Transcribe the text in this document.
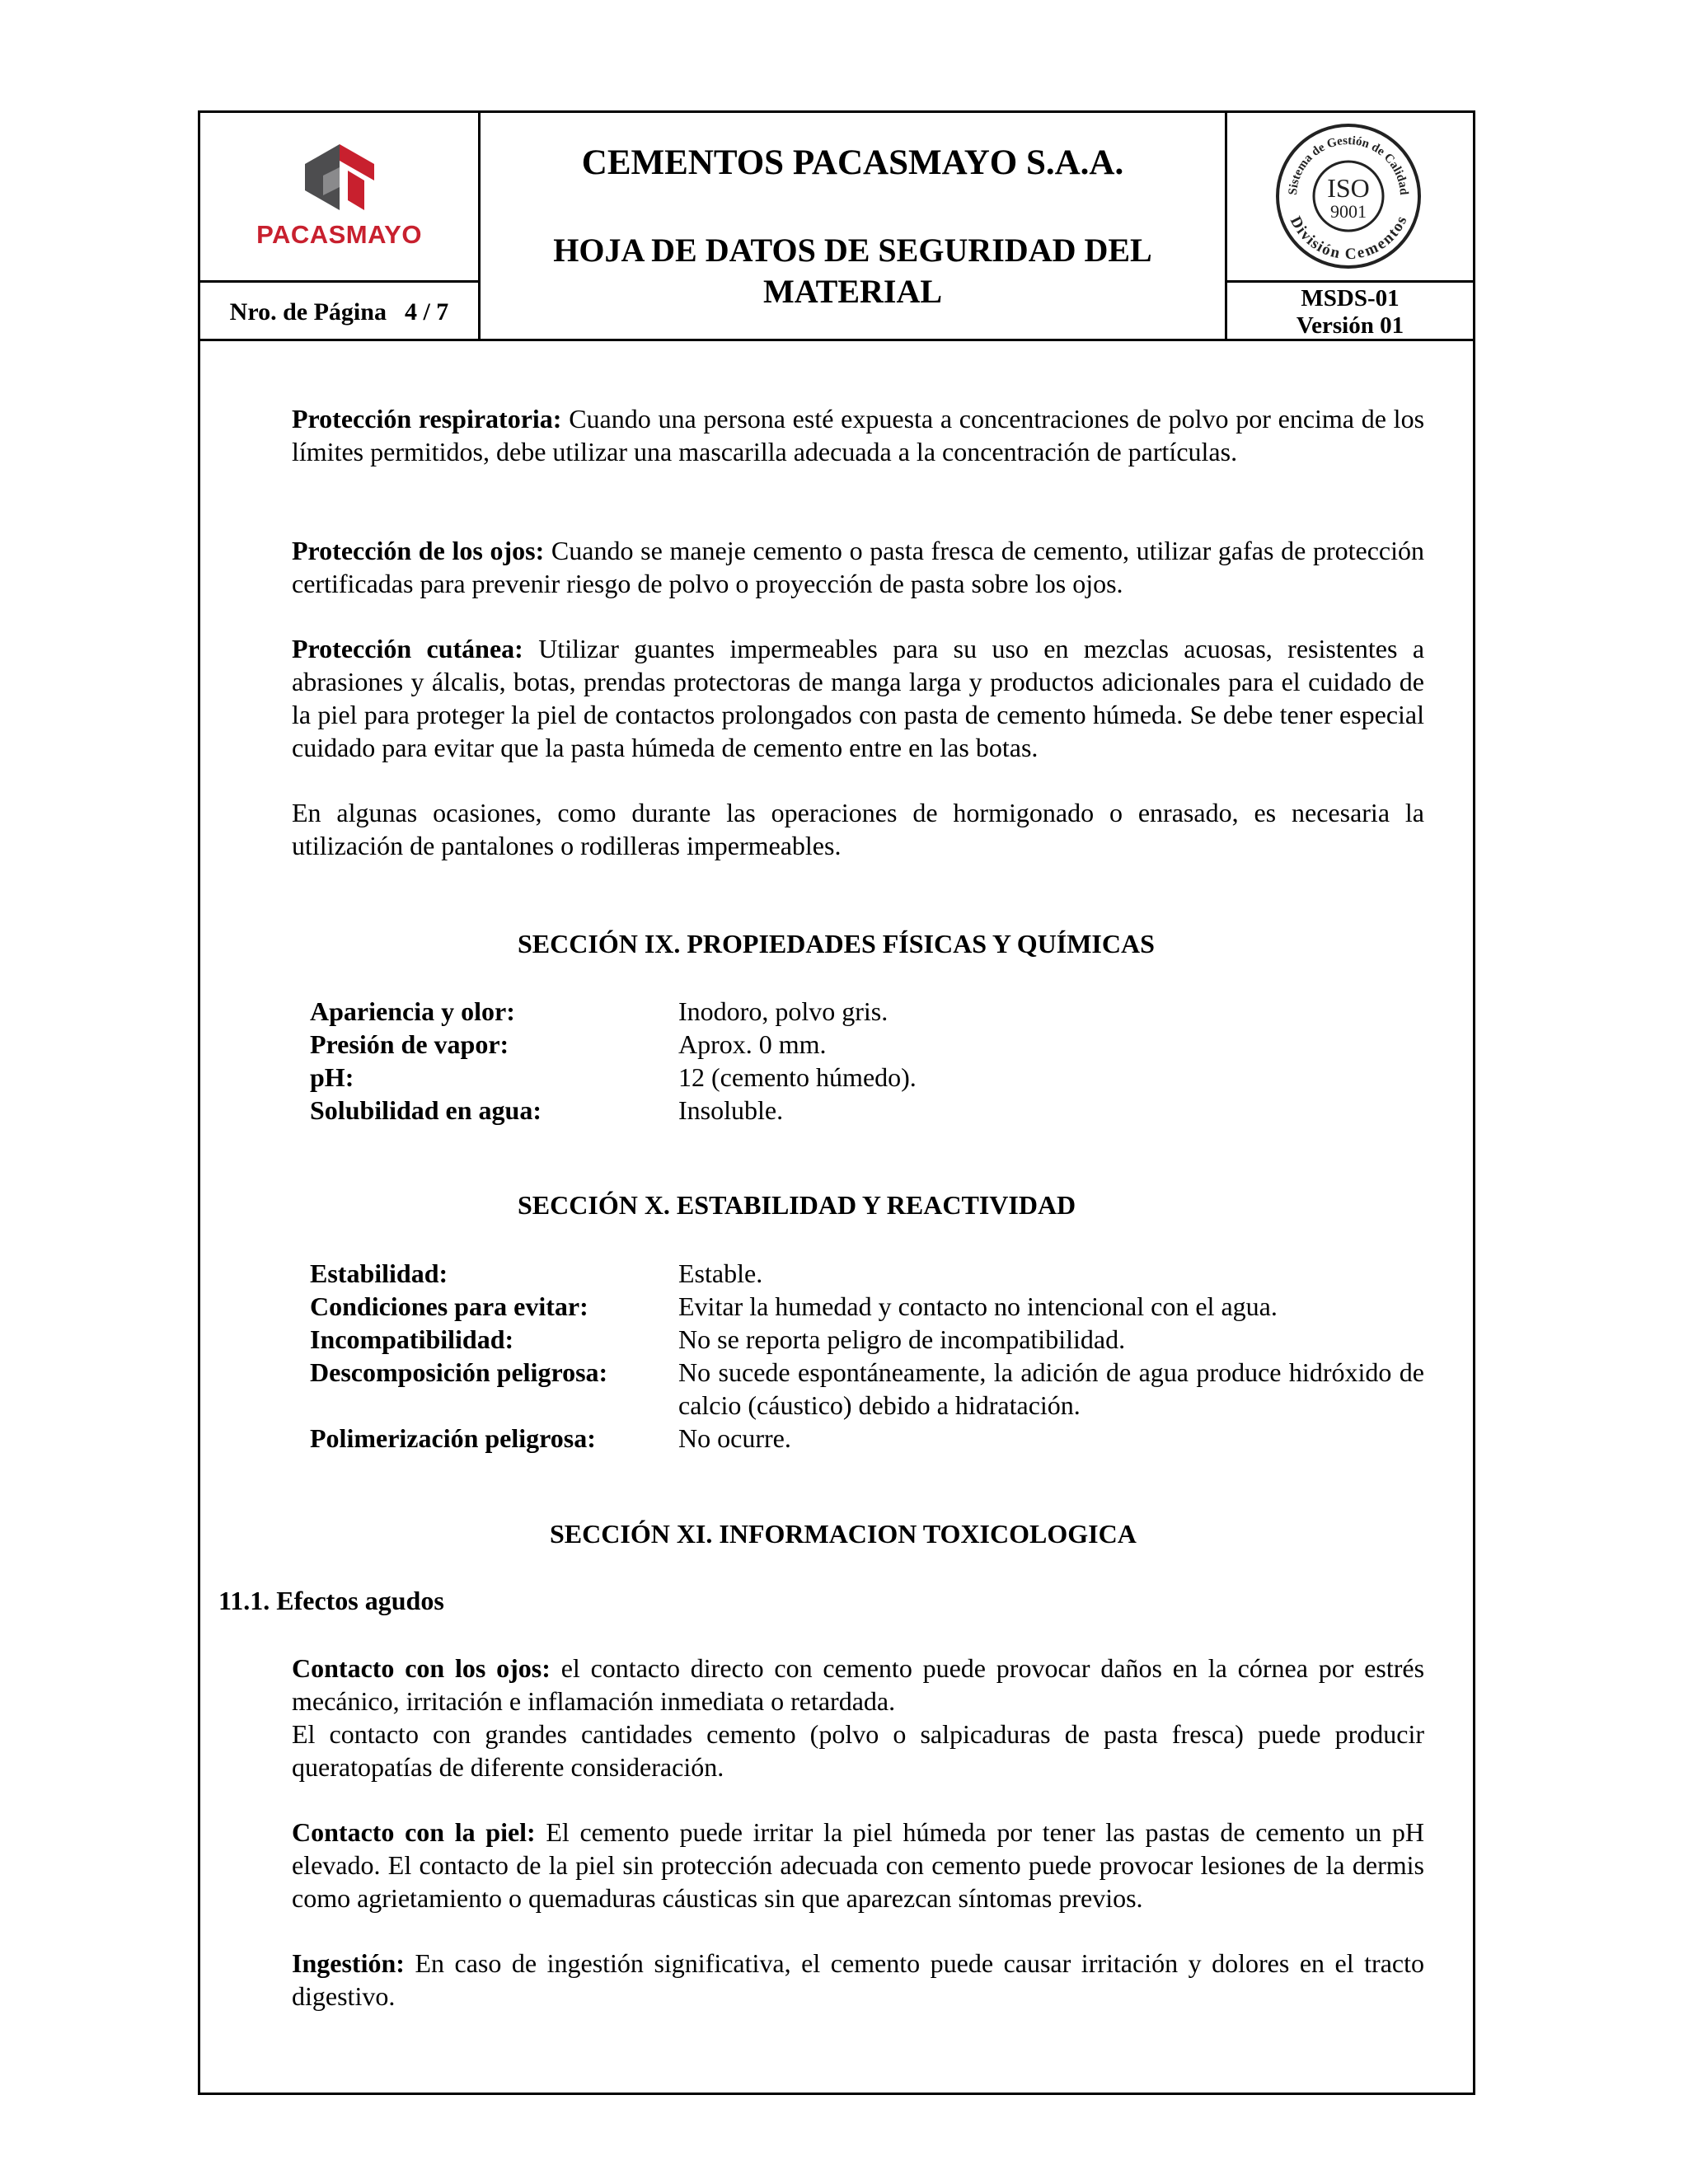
PACASMAYO
Nro. de Página 4 / 7
CEMENTOS PACASMAYO S.A.A.
HOJA DE DATOS DE SEGURIDAD DEL MATERIAL
Sistema de Gestión de Calidad
División Cementos
ISO
9001
MSDS-01
Versión 01
Protección respiratoria: Cuando una persona esté expuesta a concentraciones de polvo por encima de los límites permitidos, debe utilizar una mascarilla adecuada a la concentración de partículas.
Protección de los ojos: Cuando se maneje cemento o pasta fresca de cemento, utilizar gafas de protección certificadas para prevenir riesgo de polvo o proyección de pasta sobre los ojos.
Protección cutánea: Utilizar guantes impermeables para su uso en mezclas acuosas, resistentes a abrasiones y álcalis, botas, prendas protectoras de manga larga y productos adicionales para el cuidado de la piel para proteger la piel de contactos prolongados con pasta de cemento húmeda. Se debe tener especial cuidado para evitar que la pasta húmeda de cemento entre en las botas.
En algunas ocasiones, como durante las operaciones de hormigonado o enrasado, es necesaria la utilización de pantalones o rodilleras impermeables.
SECCIÓN IX. PROPIEDADES FÍSICAS Y QUÍMICAS
Apariencia y olor:	Inodoro, polvo gris.
Presión de vapor:	Aprox. 0 mm.
pH:	12 (cemento húmedo).
Solubilidad en agua:	Insoluble.
SECCIÓN X. ESTABILIDAD Y REACTIVIDAD
Estabilidad:	Estable.
Condiciones para evitar:	Evitar la humedad y contacto no intencional con el agua.
Incompatibilidad:	No se reporta peligro de incompatibilidad.
Descomposición peligrosa:	No sucede espontáneamente, la adición de agua produce hidróxido de calcio (cáustico) debido a hidratación.
Polimerización peligrosa:	No ocurre.
SECCIÓN XI. INFORMACION TOXICOLOGICA
11.1. Efectos agudos
Contacto con los ojos: el contacto directo con cemento puede provocar daños en la córnea por estrés mecánico, irritación e inflamación inmediata o retardada.
El contacto con grandes cantidades cemento (polvo o salpicaduras de pasta fresca) puede producir queratopatías de diferente consideración.
Contacto con la piel: El cemento puede irritar la piel húmeda por tener las pastas de cemento un pH elevado. El contacto de la piel sin protección adecuada con cemento puede provocar lesiones de la dermis como agrietamiento o quemaduras cáusticas sin que aparezcan síntomas previos.
Ingestión: En caso de ingestión significativa, el cemento puede causar irritación y dolores en el tracto digestivo.
